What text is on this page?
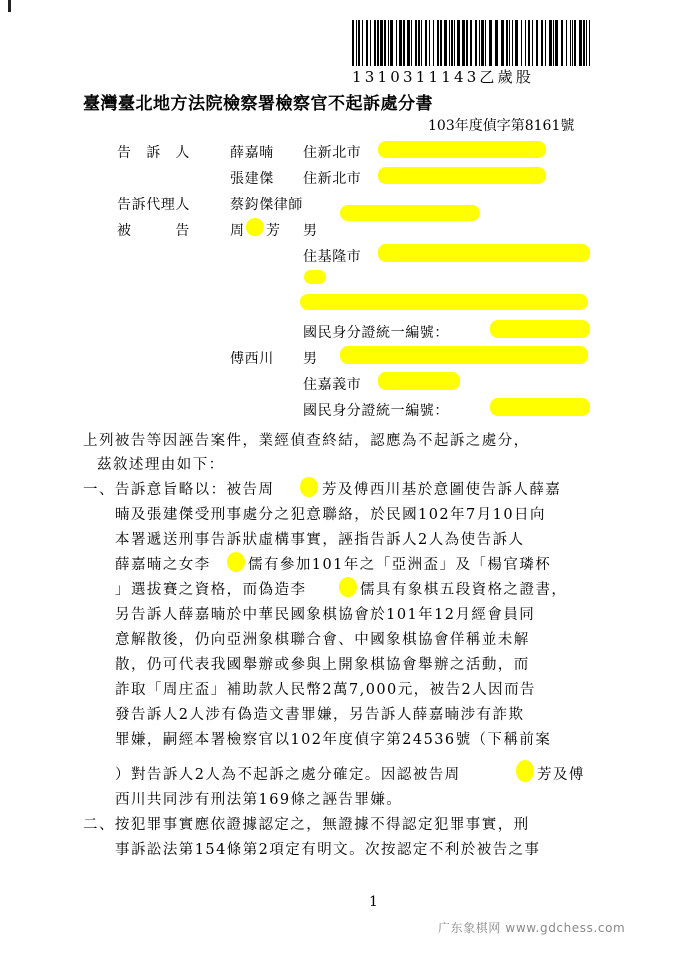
1310311143乙歲股
臺灣臺北地方法院檢察署檢察官不起訴處分書
103年度偵字第8161號
告　訴　人	薛嘉暔 住新北市
張建傑 住新北市
告訴代理人	蔡鈞傑律師
被　　　告	周 芳 男
住基隆市
國民身分證統一編號：
傅西川 男
住嘉義市
國民身分證統一編號：
上列被告等因誣告案件，業經偵查終結，認應為不起訴之處分，
茲敘述理由如下：
一、告訴意旨略以：被告周	芳及傅西川基於意圖使告訴人薛嘉
暔及張建傑受刑事處分之犯意聯絡，於民國102年7月10日向
本署遞送刑事告訴狀虛構事實，誣指告訴人2人為使告訴人
薛嘉暔之女李	儒有參加101年之「亞洲盃」及「楊官璘杯
」選拔賽之資格，而偽造李	儒具有象棋五段資格之證書，
另告訴人薛嘉暔於中華民國象棋協會於101年12月經會員同
意解散後，仍向亞洲象棋聯合會、中國象棋協會佯稱並未解
散，仍可代表我國舉辦或參與上開象棋協會舉辦之活動，而
詐取「周庄盃」補助款人民幣2萬7,000元，被告2人因而告
發告訴人2人涉有偽造文書罪嫌，另告訴人薛嘉暔涉有詐欺
罪嫌，嗣經本署檢察官以102年度偵字第24536號（下稱前案
）對告訴人2人為不起訴之處分確定。因認被告周	芳及傅
西川共同涉有刑法第169條之誣告罪嫌。
二、按犯罪事實應依證據認定之，無證據不得認定犯罪事實，刑
事訴訟法第154條第2項定有明文。次按認定不利於被告之事
1
广东象棋网 www.gdchess.com
